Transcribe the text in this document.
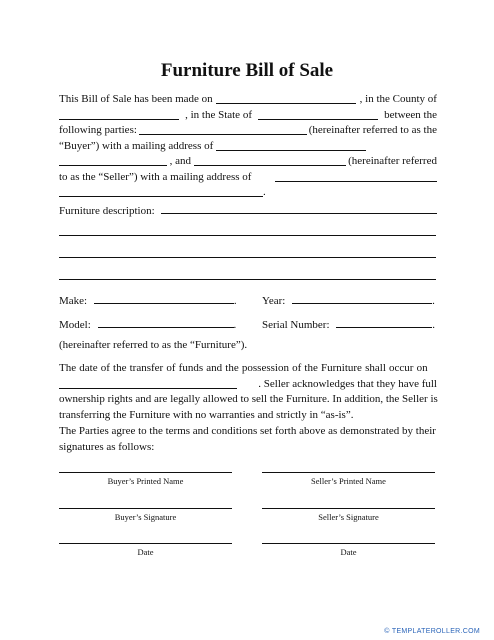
Furniture Bill of Sale
This Bill of Sale has been made on	, in the County of
, in the State of	between the
following parties:	(hereinafter referred to as the
“Buyer”) with a mailing address of
, and	(hereinafter referred
to as the “Seller”) with a mailing address of
.
Furniture description:
Make:	. Year:	.
Model:	. Serial Number:	.
(hereinafter referred to as the “Furniture”).
The date of the transfer of funds and the possession of the Furniture shall occur on
. Seller acknowledges that they have full
ownership rights and are legally allowed to sell the Furniture. In addition, the Seller is
transferring the Furniture with no warranties and strictly in “as-is”.
The Parties agree to the terms and conditions set forth above as demonstrated by their
signatures as follows:
Buyer’s Printed Name	Seller’s Printed Name
Buyer’s Signature	Seller’s Signature
Date	Date
© TEMPLATEROLLER.COM
